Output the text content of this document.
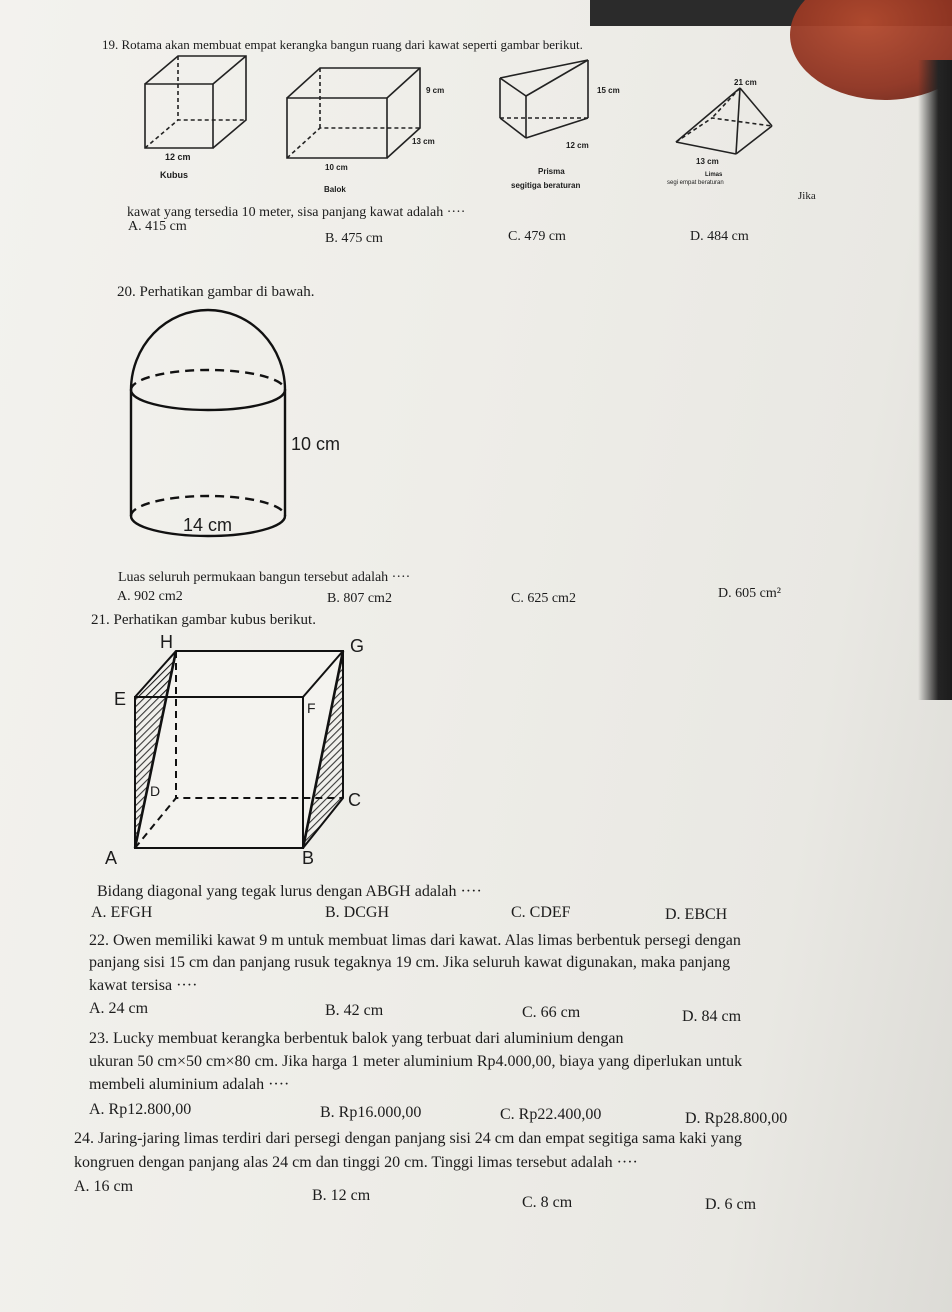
19. Rotama akan membuat empat kerangka bangun ruang dari kawat seperti gambar berikut.
12 cm
Kubus
9 cm
13 cm
10 cm
Balok
15 cm
12 cm
Prisma
segitiga beraturan
21 cm
13 cm
Limas
segi empat beraturan
Jika
kawat yang tersedia 10 meter, sisa panjang kawat adalah ····
A. 415 cm
B. 475 cm	C. 479 cm	D. 484 cm
20. Perhatikan gambar di bawah.
10 cm
14 cm
Luas seluruh permukaan bangun tersebut adalah ····
A. 902 cm2	B. 807 cm2	C. 625 cm2	D. 605 cm²
21. Perhatikan gambar kubus berikut.
H	G
E	F
D	C
A	B
Bidang diagonal yang tegak lurus dengan ABGH adalah ····
A. EFGH	B. DCGH	C. CDEF	D. EBCH
22. Owen memiliki kawat 9 m untuk membuat limas dari kawat. Alas limas berbentuk persegi dengan
panjang sisi 15 cm dan panjang rusuk tegaknya 19 cm. Jika seluruh kawat digunakan, maka panjang
kawat tersisa ····
A. 24 cm	B. 42 cm	C. 66 cm	D. 84 cm
23. Lucky membuat kerangka berbentuk balok yang terbuat dari aluminium dengan
ukuran 50 cm×50 cm×80 cm. Jika harga 1 meter aluminium Rp4.000,00, biaya yang diperlukan untuk
membeli aluminium adalah ····
A. Rp12.800,00	B. Rp16.000,00	C. Rp22.400,00	D. Rp28.800,00
24. Jaring-jaring limas terdiri dari persegi dengan panjang sisi 24 cm dan empat segitiga sama kaki yang
kongruen dengan panjang alas 24 cm dan tinggi 20 cm. Tinggi limas tersebut adalah ····
A. 16 cm
B. 12 cm	C. 8 cm	D. 6 cm
